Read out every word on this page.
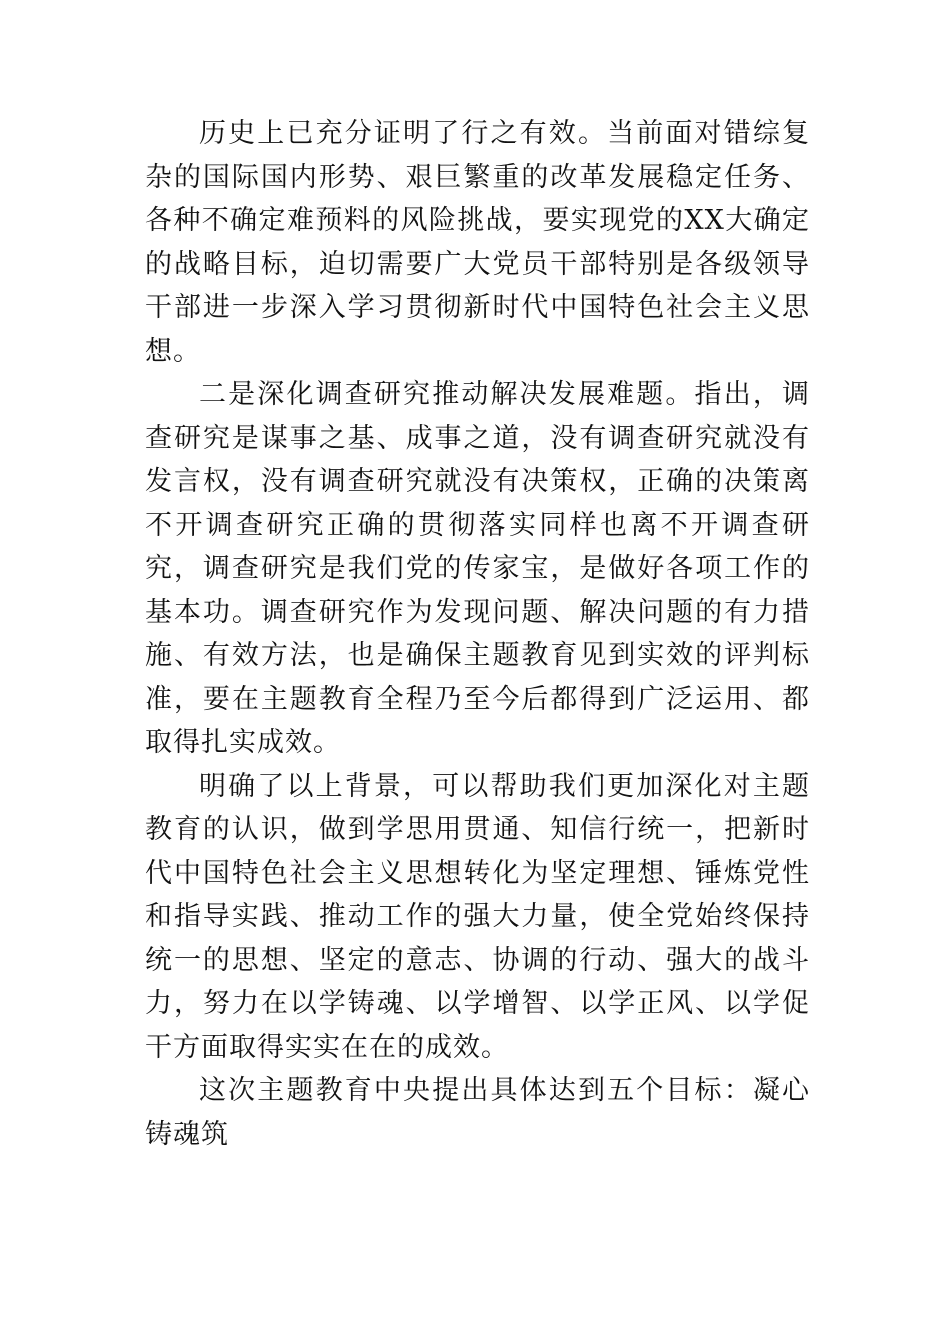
历史上已充分证明了行之有效。当前面对错综复杂的国际国内形势、艰巨繁重的改革发展稳定任务、各种不确定难预料的风险挑战，要实现党的XX大确定的战略目标，迫切需要广大党员干部特别是各级领导干部进一步深入学习贯彻新时代中国特色社会主义思想。

二是深化调查研究推动解决发展难题。指出，调查研究是谋事之基、成事之道，没有调查研究就没有发言权，没有调查研究就没有决策权，正确的决策离不开调查研究正确的贯彻落实同样也离不开调查研究，调查研究是我们党的传家宝，是做好各项工作的基本功。调查研究作为发现问题、解决问题的有力措施、有效方法，也是确保主题教育见到实效的评判标准，要在主题教育全程乃至今后都得到广泛运用、都取得扎实成效。

明确了以上背景，可以帮助我们更加深化对主题教育的认识，做到学思用贯通、知信行统一，把新时代中国特色社会主义思想转化为坚定理想、锤炼党性和指导实践、推动工作的强大力量，使全党始终保持统一的思想、坚定的意志、协调的行动、强大的战斗力，努力在以学铸魂、以学增智、以学正风、以学促干方面取得实实在在的成效。

这次主题教育中央提出具体达到五个目标：凝心铸魂筑
